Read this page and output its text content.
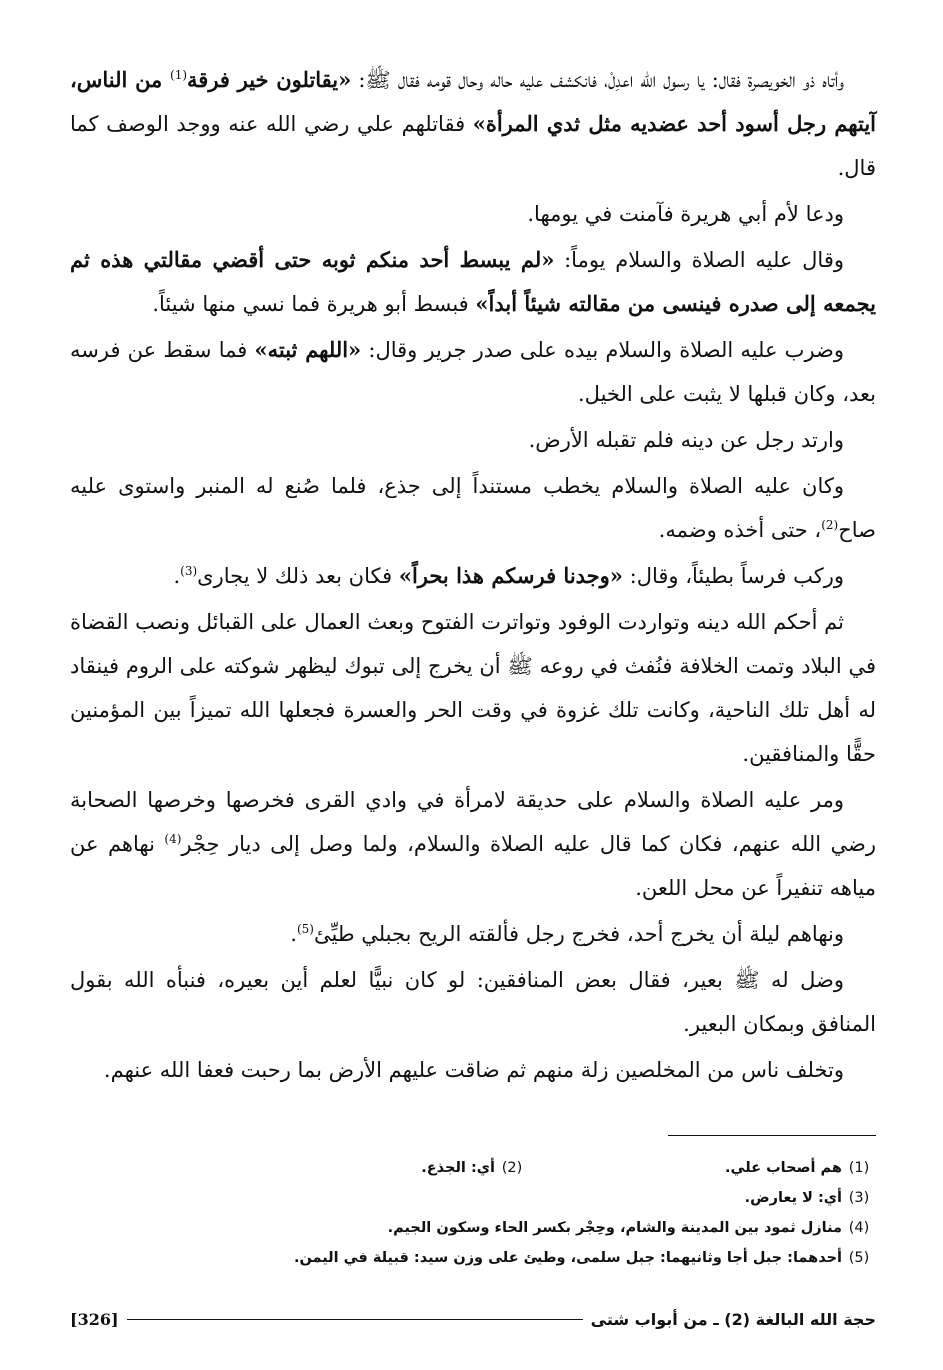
وأتاه ذو الخويصرة فقال: يا رسول الله اعدِلْ، فانكشف عليه حاله وحال قومه فقال ﷺ: «يقاتلون خير فرقة$^{(1)}$ من الناس، آيتهم رجل أسود أحد عضديه مثل ثدي المرأة» فقاتلهم علي رضي الله عنه ووجد الوصف كما قال.

ودعا لأم أبي هريرة فآمنت في يومها.

وقال عليه الصلاة والسلام يوماً: «لم يبسط أحد منكم ثوبه حتى أقضي مقالتي هذه ثم يجمعه إلى صدره فينسى من مقالته شيئاً أبداً» فبسط أبو هريرة فما نسي منها شيئاً.

وضرب عليه الصلاة والسلام بيده على صدر جرير وقال: «اللهم ثبته» فما سقط عن فرسه بعد، وكان قبلها لا يثبت على الخيل.

وارتد رجل عن دينه فلم تقبله الأرض.

وكان عليه الصلاة والسلام يخطب مستنداً إلى جذع، فلما صُنع له المنبر واستوى عليه صاح$^{(2)}$، حتى أخذه وضمه.

وركب فرساً بطيئاً، وقال: «وجدنا فرسكم هذا بحراً» فكان بعد ذلك لا يجارى$^{(3)}$.

ثم أحكم الله دينه وتواردت الوفود وتواترت الفتوح وبعث العمال على القبائل ونصب القضاة في البلاد وتمت الخلافة فنُفث في روعه ﷺ أن يخرج إلى تبوك ليظهر شوكته على الروم فينقاد له أهل تلك الناحية، وكانت تلك غزوة في وقت الحر والعسرة فجعلها الله تميزاً بين المؤمنين حقًّا والمنافقين.

ومر عليه الصلاة والسلام على حديقة لامرأة في وادي القرى فخرصها وخرصها الصحابة رضي الله عنهم، فكان كما قال عليه الصلاة والسلام، ولما وصل إلى ديار حِجْر$^{(4)}$ نهاهم عن مياهه تنفيراً عن محل اللعن.

ونهاهم ليلة أن يخرج أحد، فخرج رجل فألقته الريح بجبلي طيِّئ$^{(5)}$.

وضل له ﷺ بعير، فقال بعض المنافقين: لو كان نبيًّا لعلم أين بعيره، فنبأه الله بقول المنافق وبمكان البعير.

وتخلف ناس من المخلصين زلة منهم ثم ضاقت عليهم الأرض بما رحبت فعفا الله عنهم.

(1)
هم أصحاب علي.
(2)
أي: الجذع.
(3)
أي: لا يعارض.
(4)
منازل ثمود بين المدينة والشام، وحِجْر بكسر الحاء وسكون الجيم.
(5)
أحدهما: جبل أجا وثانيهما: جبل سلمى، وطيئ على وزن سيد: قبيلة في اليمن.
حجة الله البالغة (2) ـ من أبواب شتى
[326]
